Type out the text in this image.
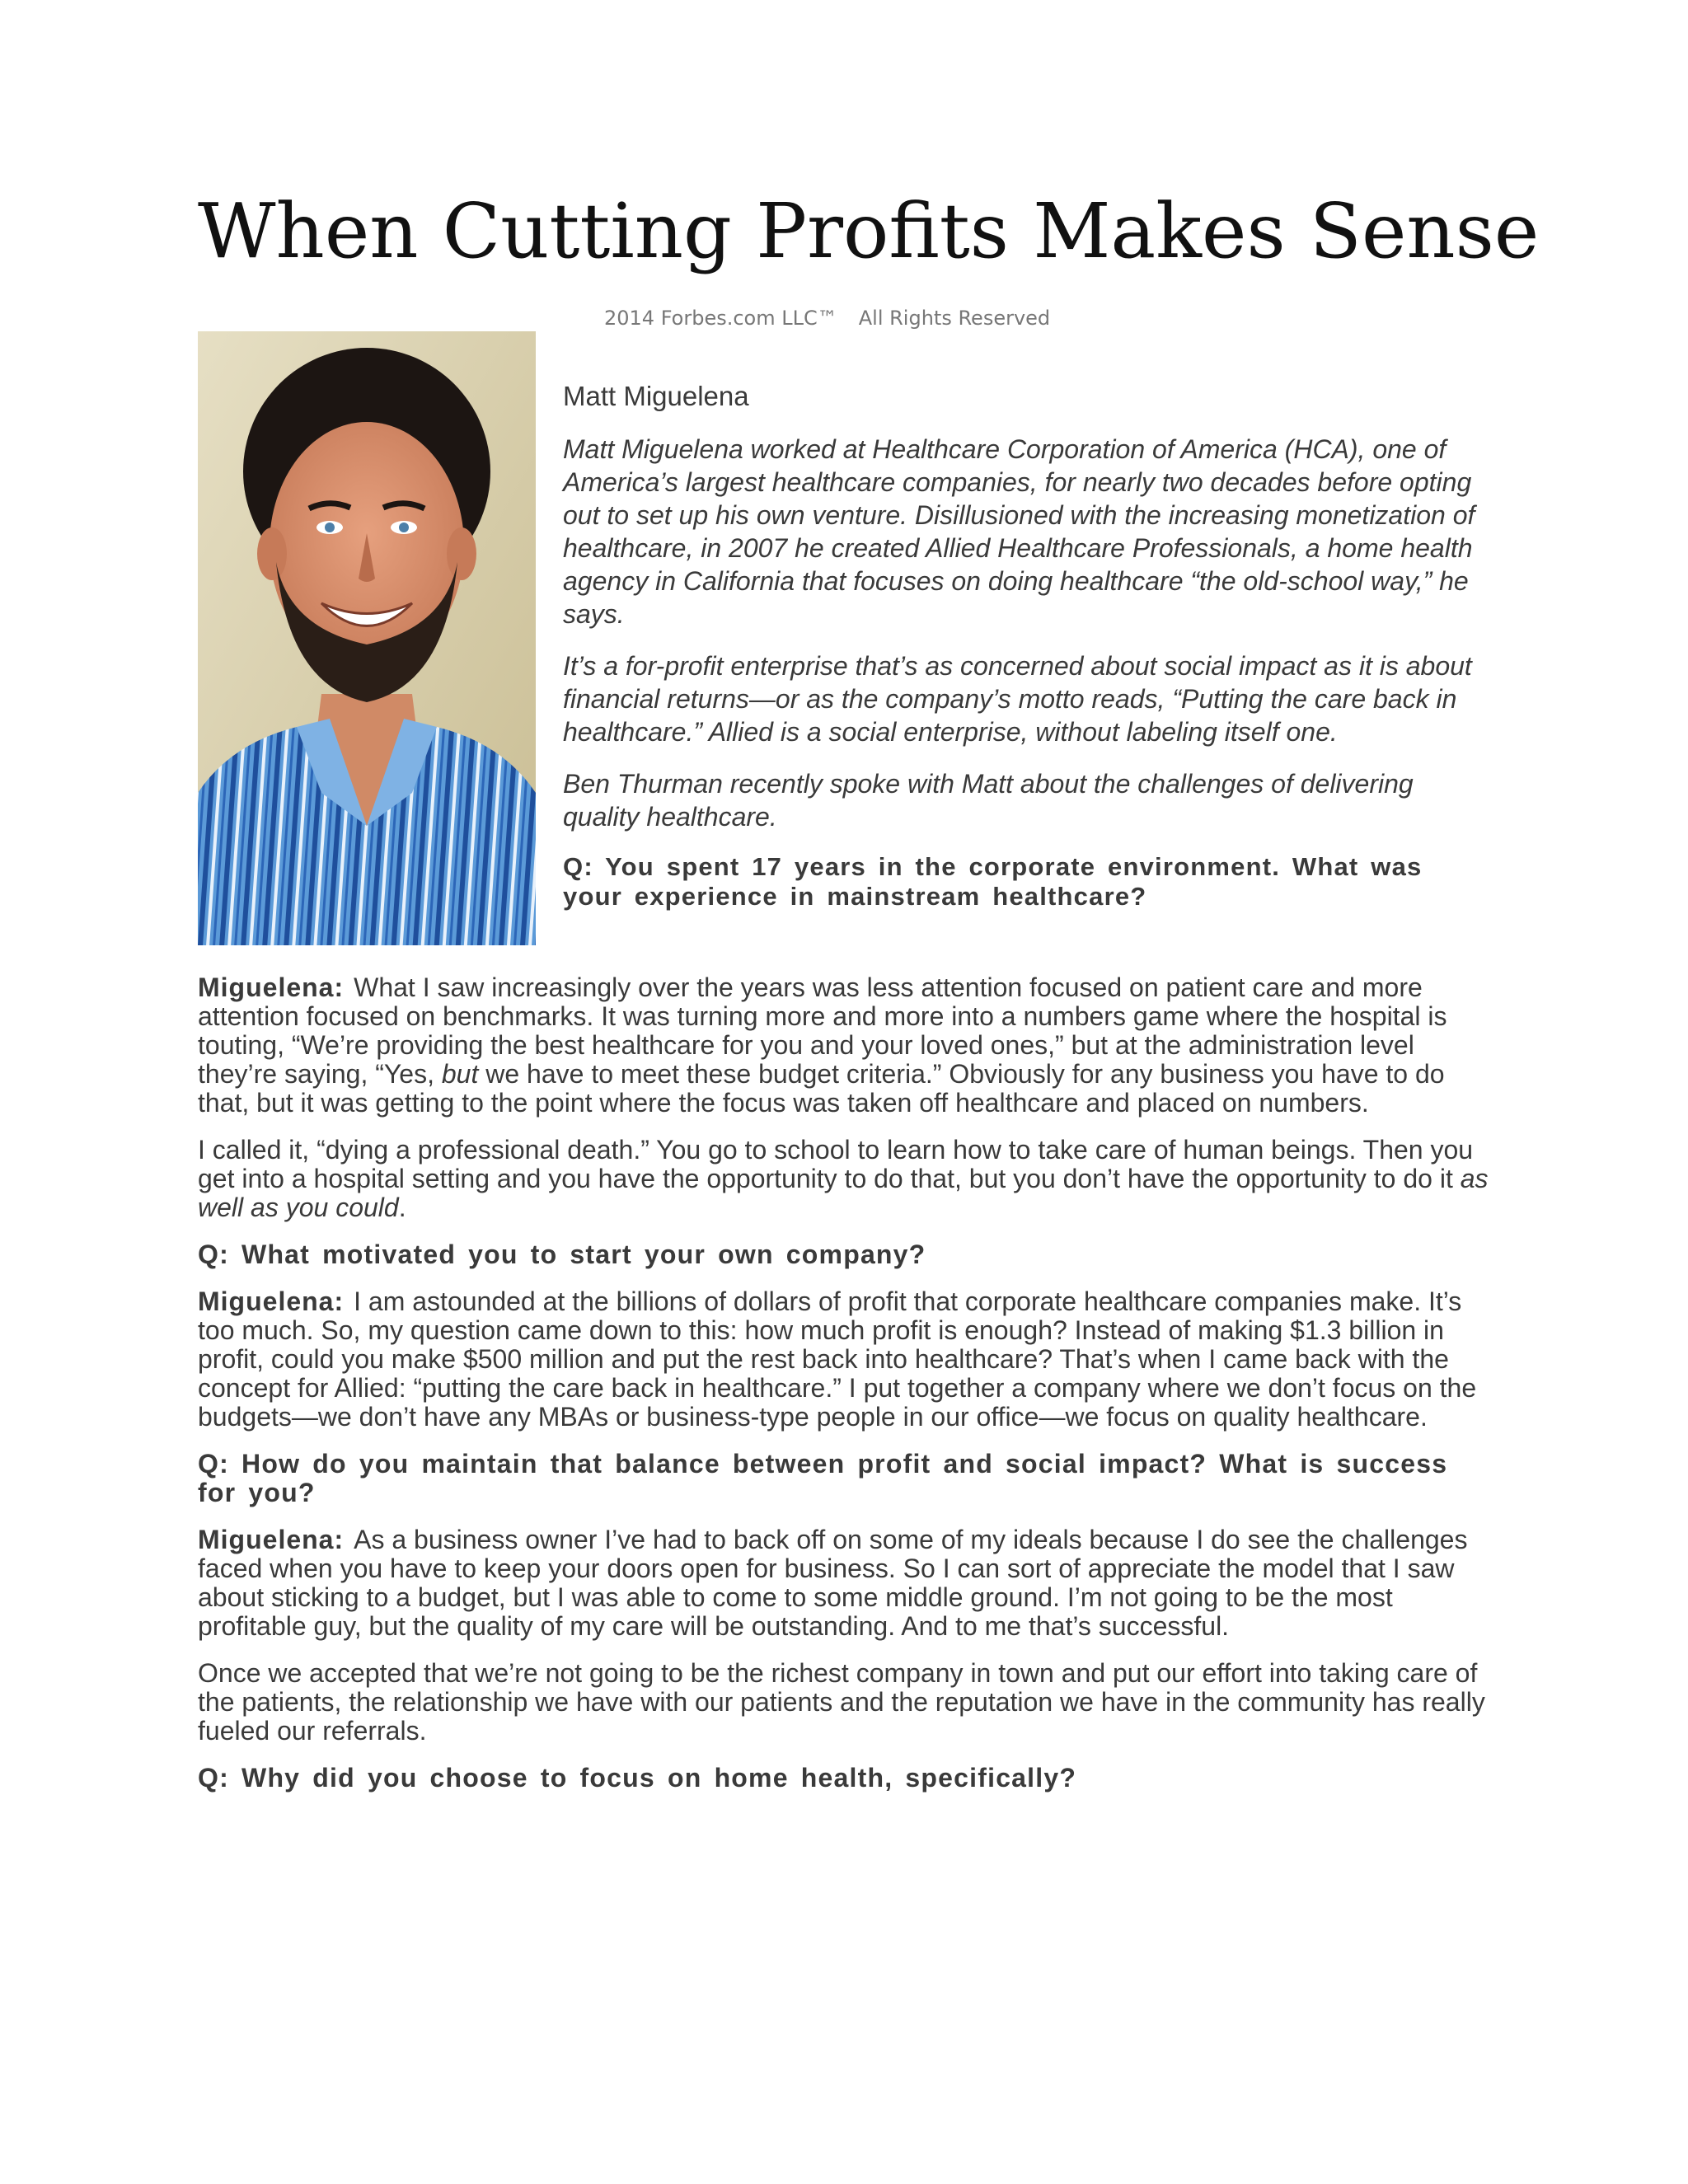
When Cutting Profits Makes Sense
2014 Forbes.com LLC™ All Rights Reserved
Matt Miguelena

Matt Miguelena worked at Healthcare Corporation of America (HCA), one of America’s largest healthcare companies, for nearly two decades before opting out to set up his own venture. Disillusioned with the increasing monetization of healthcare, in 2007 he created Allied Healthcare Professionals, a home health agency in California that focuses on doing healthcare “the old-school way,” he says.

It’s a for-profit enterprise that’s as concerned about social impact as it is about financial returns—or as the company’s motto reads, “Putting the care back in healthcare.” Allied is a social enterprise, without labeling itself one.

Ben Thurman recently spoke with Matt about the challenges of delivering quality healthcare.

Q: You spent 17 years in the corporate environment. What was your experience in mainstream healthcare?

Miguelena: What I saw increasingly over the years was less attention focused on patient care and more attention focused on benchmarks. It was turning more and more into a numbers game where the hospital is touting, “We’re providing the best healthcare for you and your loved ones,” but at the administration level they’re saying, “Yes, but we have to meet these budget criteria.” Obviously for any business you have to do that, but it was getting to the point where the focus was taken off healthcare and placed on numbers.

I called it, “dying a professional death.” You go to school to learn how to take care of human beings. Then you get into a hospital setting and you have the opportunity to do that, but you don’t have the opportunity to do it as well as you could.

Q: What motivated you to start your own company?

Miguelena: I am astounded at the billions of dollars of profit that corporate healthcare companies make. It’s too much. So, my question came down to this: how much profit is enough? Instead of making $1.3 billion in profit, could you make $500 million and put the rest back into healthcare? That’s when I came back with the concept for Allied: “putting the care back in healthcare.” I put together a company where we don’t focus on the budgets—we don’t have any MBAs or business-type people in our office—we focus on quality healthcare.

Q: How do you maintain that balance between profit and social impact? What is success for you?

Miguelena: As a business owner I’ve had to back off on some of my ideals because I do see the challenges faced when you have to keep your doors open for business. So I can sort of appreciate the model that I saw about sticking to a budget, but I was able to come to some middle ground. I’m not going to be the most profitable guy, but the quality of my care will be outstanding. And to me that’s successful.

Once we accepted that we’re not going to be the richest company in town and put our effort into taking care of the patients, the relationship we have with our patients and the reputation we have in the community has really fueled our referrals.

Q: Why did you choose to focus on home health, specifically?
